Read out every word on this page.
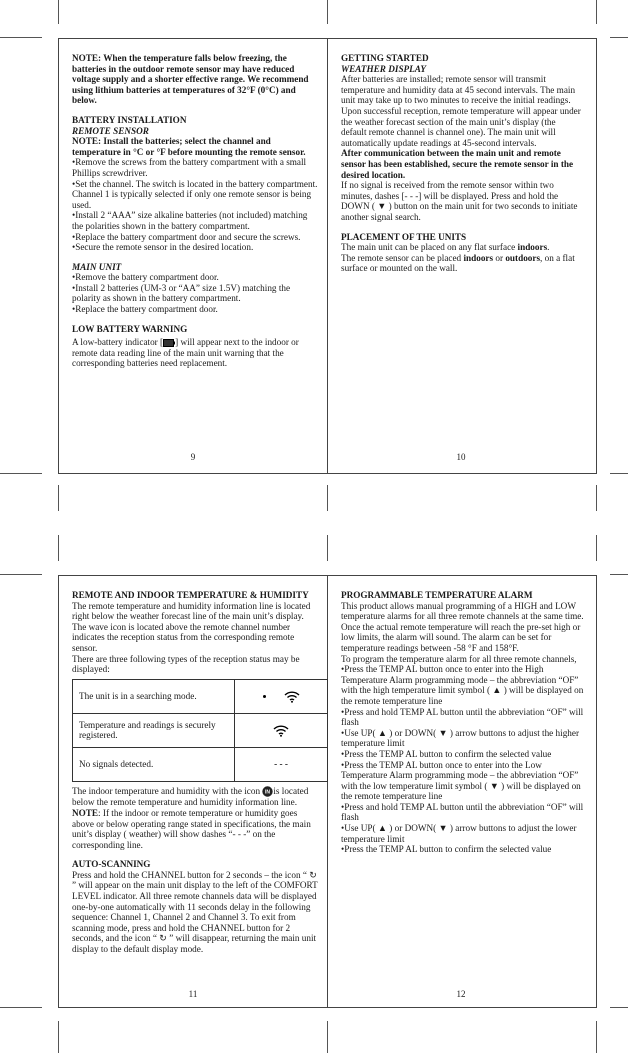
NOTE: When the temperature falls below freezing, the batteries in the outdoor remote sensor may have reduced voltage supply and a shorter effective range. We recommend using lithium batteries at temperatures of 32°F (0°C) and below.

BATTERY INSTALLATION

REMOTE SENSOR

NOTE: Install the batteries; select the channel and temperature in °C or °F before mounting the remote sensor.

•Remove the screws from the battery compartment with a small Phillips screwdriver.

•Set the channel. The switch is located in the battery compartment. Channel 1 is typically selected if only one remote sensor is being used.

•Install 2 “AAA” size alkaline batteries (not included) matching the polarities shown in the battery compartment.

•Replace the battery compartment door and secure the screws.

•Secure the remote sensor in the desired location.

MAIN UNIT

•Remove the battery compartment door.

•Install 2 batteries (UM-3 or “AA” size 1.5V) matching the polarity as shown in the battery compartment.

•Replace the battery compartment door.

LOW BATTERY WARNING

A low-battery indicator [ ] will appear next to the indoor or remote data reading line of the main unit warning that the corresponding batteries need replacement.

9

GETTING STARTED

WEATHER DISPLAY

After batteries are installed; remote sensor will transmit temperature and humidity data at 45 second intervals. The main unit may take up to two minutes to receive the initial readings. Upon successful reception, remote temperature will appear under the weather forecast section of the main unit’s display (the default remote channel is channel one). The main unit will automatically update readings at 45-second intervals.

After communication between the main unit and remote sensor has been established, secure the remote sensor in the desired location.

If no signal is received from the remote sensor within two minutes, dashes [- - -] will be displayed. Press and hold the DOWN ( ▼ ) button on the main unit for two seconds to initiate another signal search.

PLACEMENT OF THE UNITS

The main unit can be placed on any flat surface indoors.

The remote sensor can be placed indoors or outdoors, on a flat surface or mounted on the wall.

10

REMOTE AND INDOOR TEMPERATURE & HUMIDITY

The remote temperature and humidity information line is located right below the weather forecast line of the main unit’s display.

The wave icon is located above the remote channel number indicates the reception status from the corresponding remote sensor.

There are three following types of the reception status may be displayed:

The unit is in a searching mode.	
Temperature and readings is securely registered.	
No signals detected.	- - -

The indoor temperature and humidity with the icon IN is located below the remote temperature and humidity information line.

NOTE: If the indoor or remote temperature or humidity goes above or below operating range stated in specifications, the main unit’s display ( weather) will show dashes “- - -” on the corresponding line.

AUTO-SCANNING

Press and hold the CHANNEL button for 2 seconds – the icon “ ↻ ” will appear on the main unit display to the left of the COMFORT LEVEL indicator. All three remote channels data will be displayed one-by-one automatically with 11 seconds delay in the following sequence: Channel 1, Channel 2 and Channel 3. To exit from scanning mode, press and hold the CHANNEL button for 2 seconds, and the icon “ ↻ ” will disappear, returning the main unit display to the default display mode.

11

PROGRAMMABLE TEMPERATURE ALARM

This product allows manual programming of a HIGH and LOW temperature alarms for all three remote channels at the same time. Once the actual remote temperature will reach the pre-set high or low limits, the alarm will sound. The alarm can be set for temperature readings between -58 °F and 158°F.

To program the temperature alarm for all three remote channels,

•Press the TEMP AL button once to enter into the High Temperature Alarm programming mode – the abbreviation “OF” with the high temperature limit symbol ( ▲ ) will be displayed on the remote temperature line

•Press and hold TEMP AL button until the abbreviation “OF” will flash

•Use UP( ▲ ) or DOWN( ▼ ) arrow buttons to adjust the higher temperature limit

•Press the TEMP AL button to confirm the selected value

•Press the TEMP AL button once to enter into the Low Temperature Alarm programming mode – the abbreviation “OF” with the low temperature limit symbol ( ▼ ) will be displayed on the remote temperature line

•Press and hold TEMP AL button until the abbreviation “OF” will flash

•Use UP( ▲ ) or DOWN( ▼ ) arrow buttons to adjust the lower temperature limit

•Press the TEMP AL button to confirm the selected value

12
